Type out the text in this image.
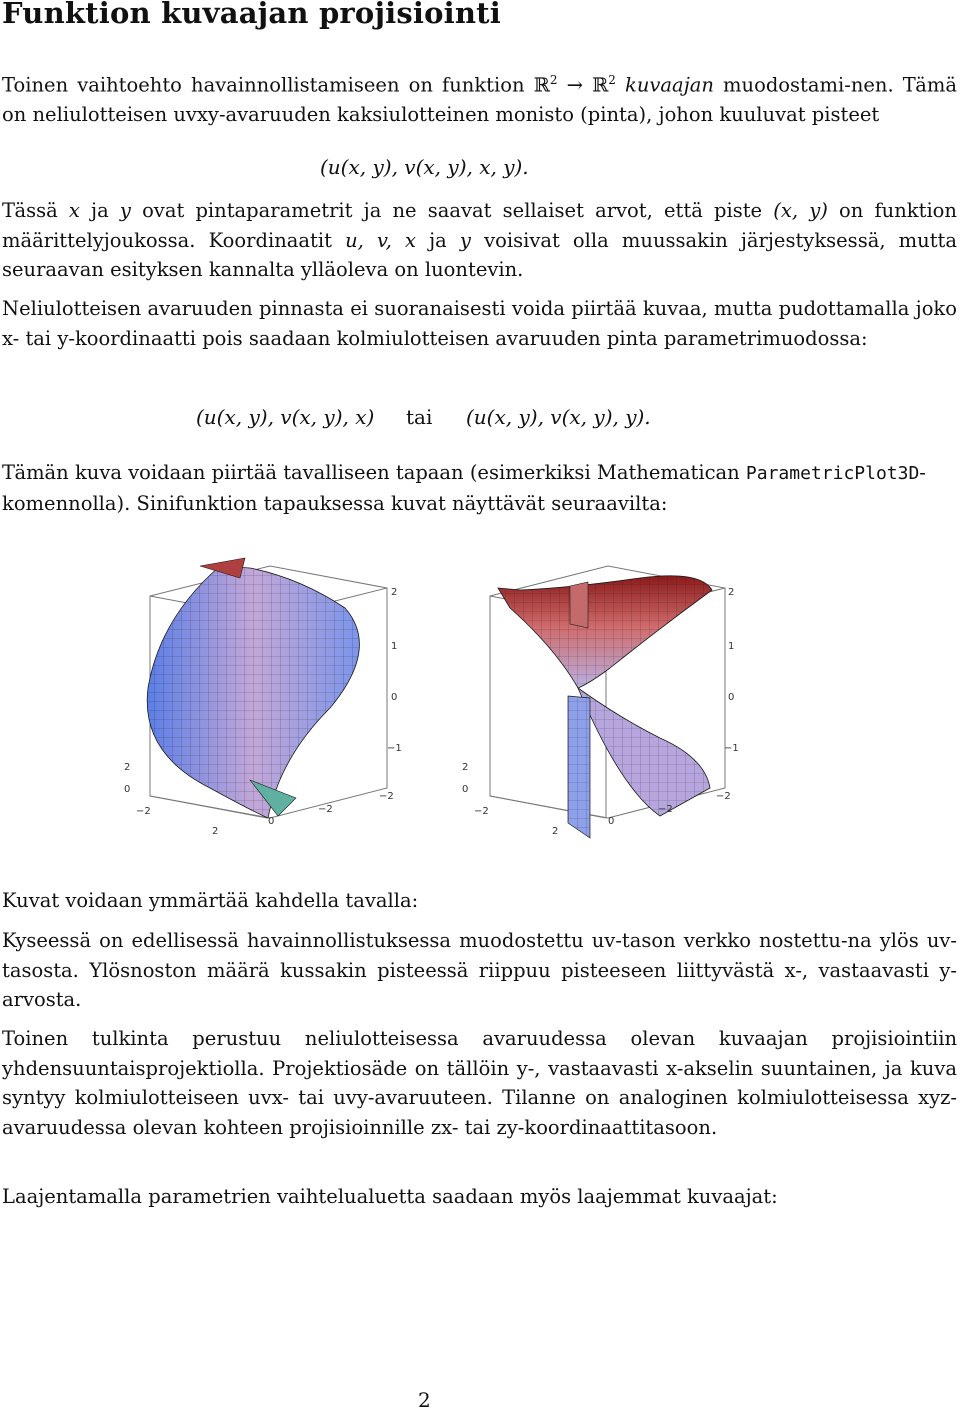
Funktion kuvaajan projisiointi

Toinen vaihtoehto havainnollistamiseen on funktion ℝ$^2$ → ℝ$^2$ kuvaajan muodostami-nen. Tämä on neliulotteisen uvxy-avaruuden kaksiulotteinen monisto (pinta), johon kuuluvat pisteet

(u(x, y), v(x, y), x, y).

Tässä x ja y ovat pintaparametrit ja ne saavat sellaiset arvot, että piste (x, y) on funktion määrittelyjoukossa. Koordinaatit u, v, x ja y voisivat olla muussakin järjestyksessä, mutta seuraavan esityksen kannalta ylläoleva on luontevin.

Neliulotteisen avaruuden pinnasta ei suoranaisesti voida piirtää kuvaa, mutta pudottamalla joko x- tai y-koordinaatti pois saadaan kolmiulotteisen avaruuden pinta parametrimuodossa:

(u(x, y), v(x, y), x) tai (u(x, y), v(x, y), y).

Tämän kuva voidaan piirtää tavalliseen tapaan (esimerkiksi Mathematican ParametricPlot3D-komennolla). Sinifunktion tapauksessa kuvat näyttävät seuraavilta:

2
1
0
−1
−2
2
0
−2
2
0
−2
2
1
0
−1
−2
2
0
−2
2
0
−2

Kuvat voidaan ymmärtää kahdella tavalla:

Kyseessä on edellisessä havainnollistuksessa muodostettu uv-tason verkko nostettu-na ylös uv-tasosta. Ylösnoston määrä kussakin pisteessä riippuu pisteeseen liittyvästä x-, vastaavasti y-arvosta.

Toinen tulkinta perustuu neliulotteisessa avaruudessa olevan kuvaajan projisiointiin yhdensuuntaisprojektiolla. Projektiosäde on tällöin y-, vastaavasti x-akselin suuntainen, ja kuva syntyy kolmiulotteiseen uvx- tai uvy-avaruuteen. Tilanne on analoginen kolmiulotteisessa xyz-avaruudessa olevan kohteen projisioinnille zx- tai zy-koordinaattitasoon.

Laajentamalla parametrien vaihtelualuetta saadaan myös laajemmat kuvaajat:

2
